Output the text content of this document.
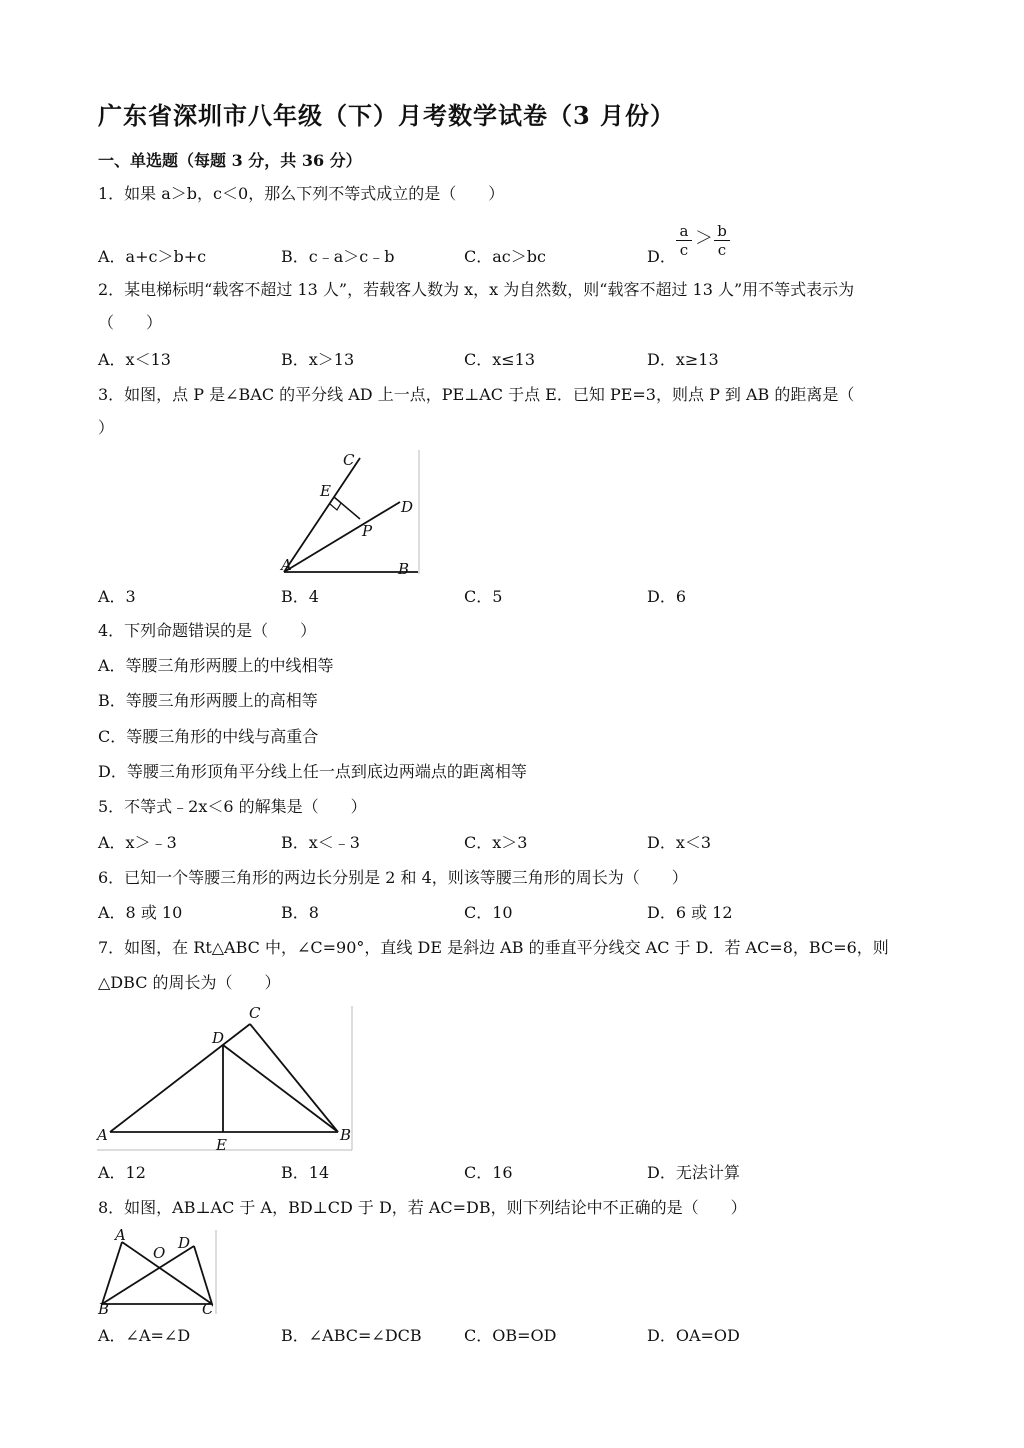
广东省深圳市八年级（下）月考数学试卷（3 月份）
一、单选题（每题 3 分，共 36 分）
1．如果 a＞b，c＜0，那么下列不等式成立的是（　　）
A．a+c＞b+c	B．c﹣a＞c﹣b	C．ac＞bc	D． $\frac{a}{c} > \frac{b}{c}$
2．某电梯标明“载客不超过 13 人”，若载客人数为 x，x 为自然数，则“载客不超过 13 人”用不等式表示为
（　　）
A．x＜13	B．x＞13	C．x≤13	D．x≥13
3．如图，点 P 是∠BAC 的平分线 AD 上一点，PE⊥AC 于点 E．已知 PE=3，则点 P 到 AB 的距离是（
）
C
E
D
P
A	B
A．3	B．4	C．5	D．6
4．下列命题错误的是（　　）
A．等腰三角形两腰上的中线相等
B．等腰三角形两腰上的高相等
C．等腰三角形的中线与高重合
D．等腰三角形顶角平分线上任一点到底边两端点的距离相等
5．不等式﹣2x＜6 的解集是（　　）
A．x＞﹣3	B．x＜﹣3	C．x＞3	D．x＜3
6．已知一个等腰三角形的两边长分别是 2 和 4，则该等腰三角形的周长为（　　）
A．8 或 10	B．8	C．10	D．6 或 12
7．如图，在 Rt△ABC 中，∠C=90°，直线 DE 是斜边 AB 的垂直平分线交 AC 于 D．若 AC=8，BC=6，则
△DBC 的周长为（　　）
C
D
A
E
B
A．12	B．14	C．16	D．无法计算
8．如图，AB⊥AC 于 A，BD⊥CD 于 D，若 AC=DB，则下列结论中不正确的是（　　）
A
O
D
B	C
A．∠A=∠D	B．∠ABC=∠DCB	C．OB=OD	D．OA=OD
